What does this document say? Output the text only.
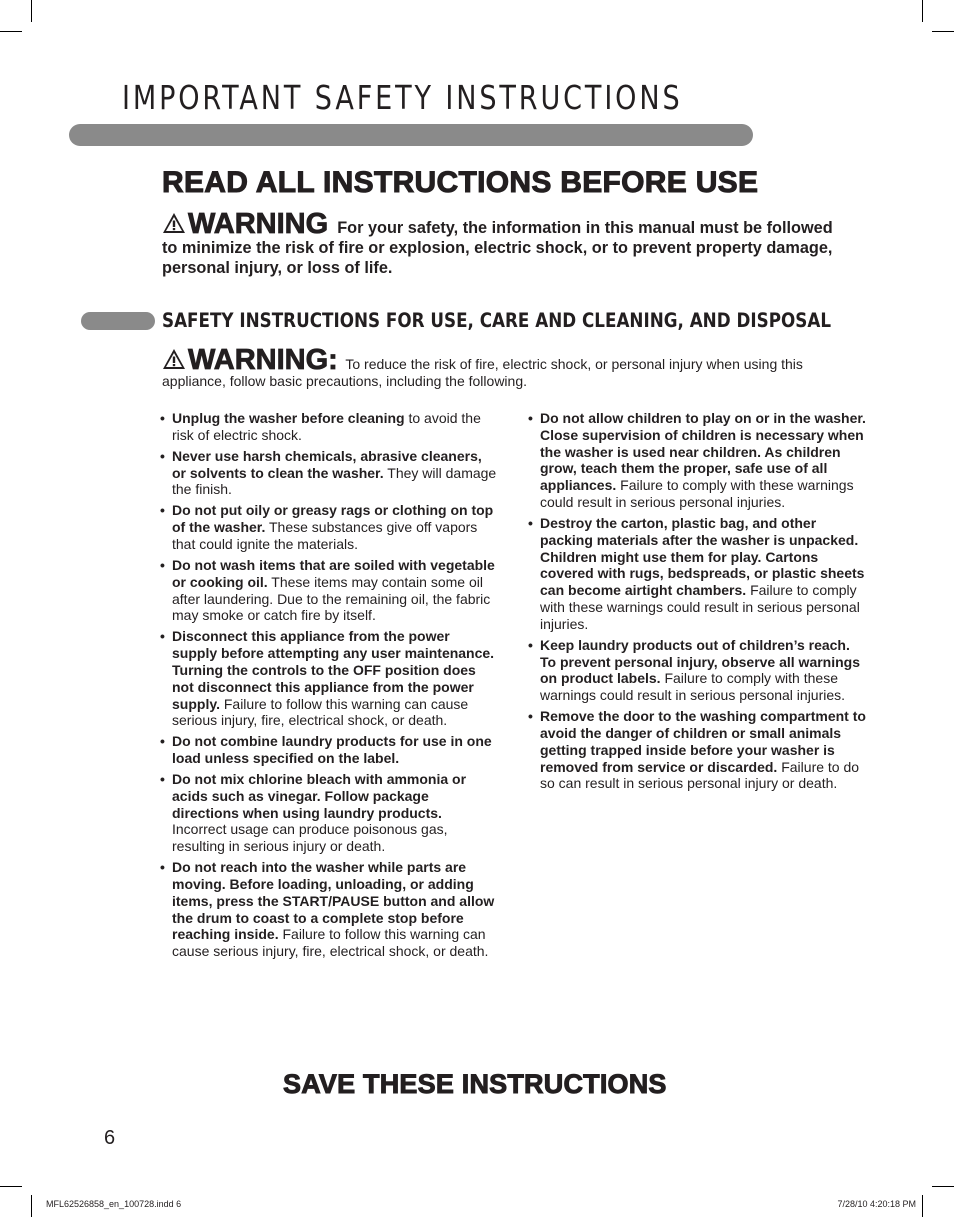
IMPORTANT SAFETY INSTRUCTIONS
READ ALL INSTRUCTIONS BEFORE USE
WARNING For your safety, the information in this manual must be followed to minimize the risk of fire or explosion, electric shock, or to prevent property damage, personal injury, or loss of life.
SAFETY INSTRUCTIONS FOR USE, CARE AND CLEANING, AND DISPOSAL
WARNING: To reduce the risk of fire, electric shock, or personal injury when using this appliance, follow basic precautions, including the following.
• Unplug the washer before cleaning to avoid the risk of electric shock.
• Never use harsh chemicals, abrasive cleaners, or solvents to clean the washer. They will damage the finish.
• Do not put oily or greasy rags or clothing on top of the washer. These substances give off vapors that could ignite the materials.
• Do not wash items that are soiled with vegetable or cooking oil. These items may contain some oil after laundering. Due to the remaining oil, the fabric may smoke or catch fire by itself.
• Disconnect this appliance from the power supply before attempting any user maintenance. Turning the controls to the OFF position does not disconnect this appliance from the power supply. Failure to follow this warning can cause serious injury, fire, electrical shock, or death.
• Do not combine laundry products for use in one load unless specified on the label.
• Do not mix chlorine bleach with ammonia or acids such as vinegar. Follow package directions when using laundry products. Incorrect usage can produce poisonous gas, resulting in serious injury or death.
• Do not reach into the washer while parts are moving. Before loading, unloading, or adding items, press the START/PAUSE button and allow the drum to coast to a complete stop before reaching inside. Failure to follow this warning can cause serious injury, fire, electrical shock, or death.
• Do not allow children to play on or in the washer. Close supervision of children is necessary when the washer is used near children. As children grow, teach them the proper, safe use of all appliances. Failure to comply with these warnings could result in serious personal injuries.
• Destroy the carton, plastic bag, and other packing materials after the washer is unpacked. Children might use them for play. Cartons covered with rugs, bedspreads, or plastic sheets can become airtight chambers. Failure to comply with these warnings could result in serious personal injuries.
• Keep laundry products out of children’s reach. To prevent personal injury, observe all warnings on product labels. Failure to comply with these warnings could result in serious personal injuries.
• Remove the door to the washing compartment to avoid the danger of children or small animals getting trapped inside before your washer is removed from service or discarded. Failure to do so can result in serious personal injury or death.
SAVE THESE INSTRUCTIONS
6
MFL62526858_en_100728.indd 6	7/28/10 4:20:18 PM
